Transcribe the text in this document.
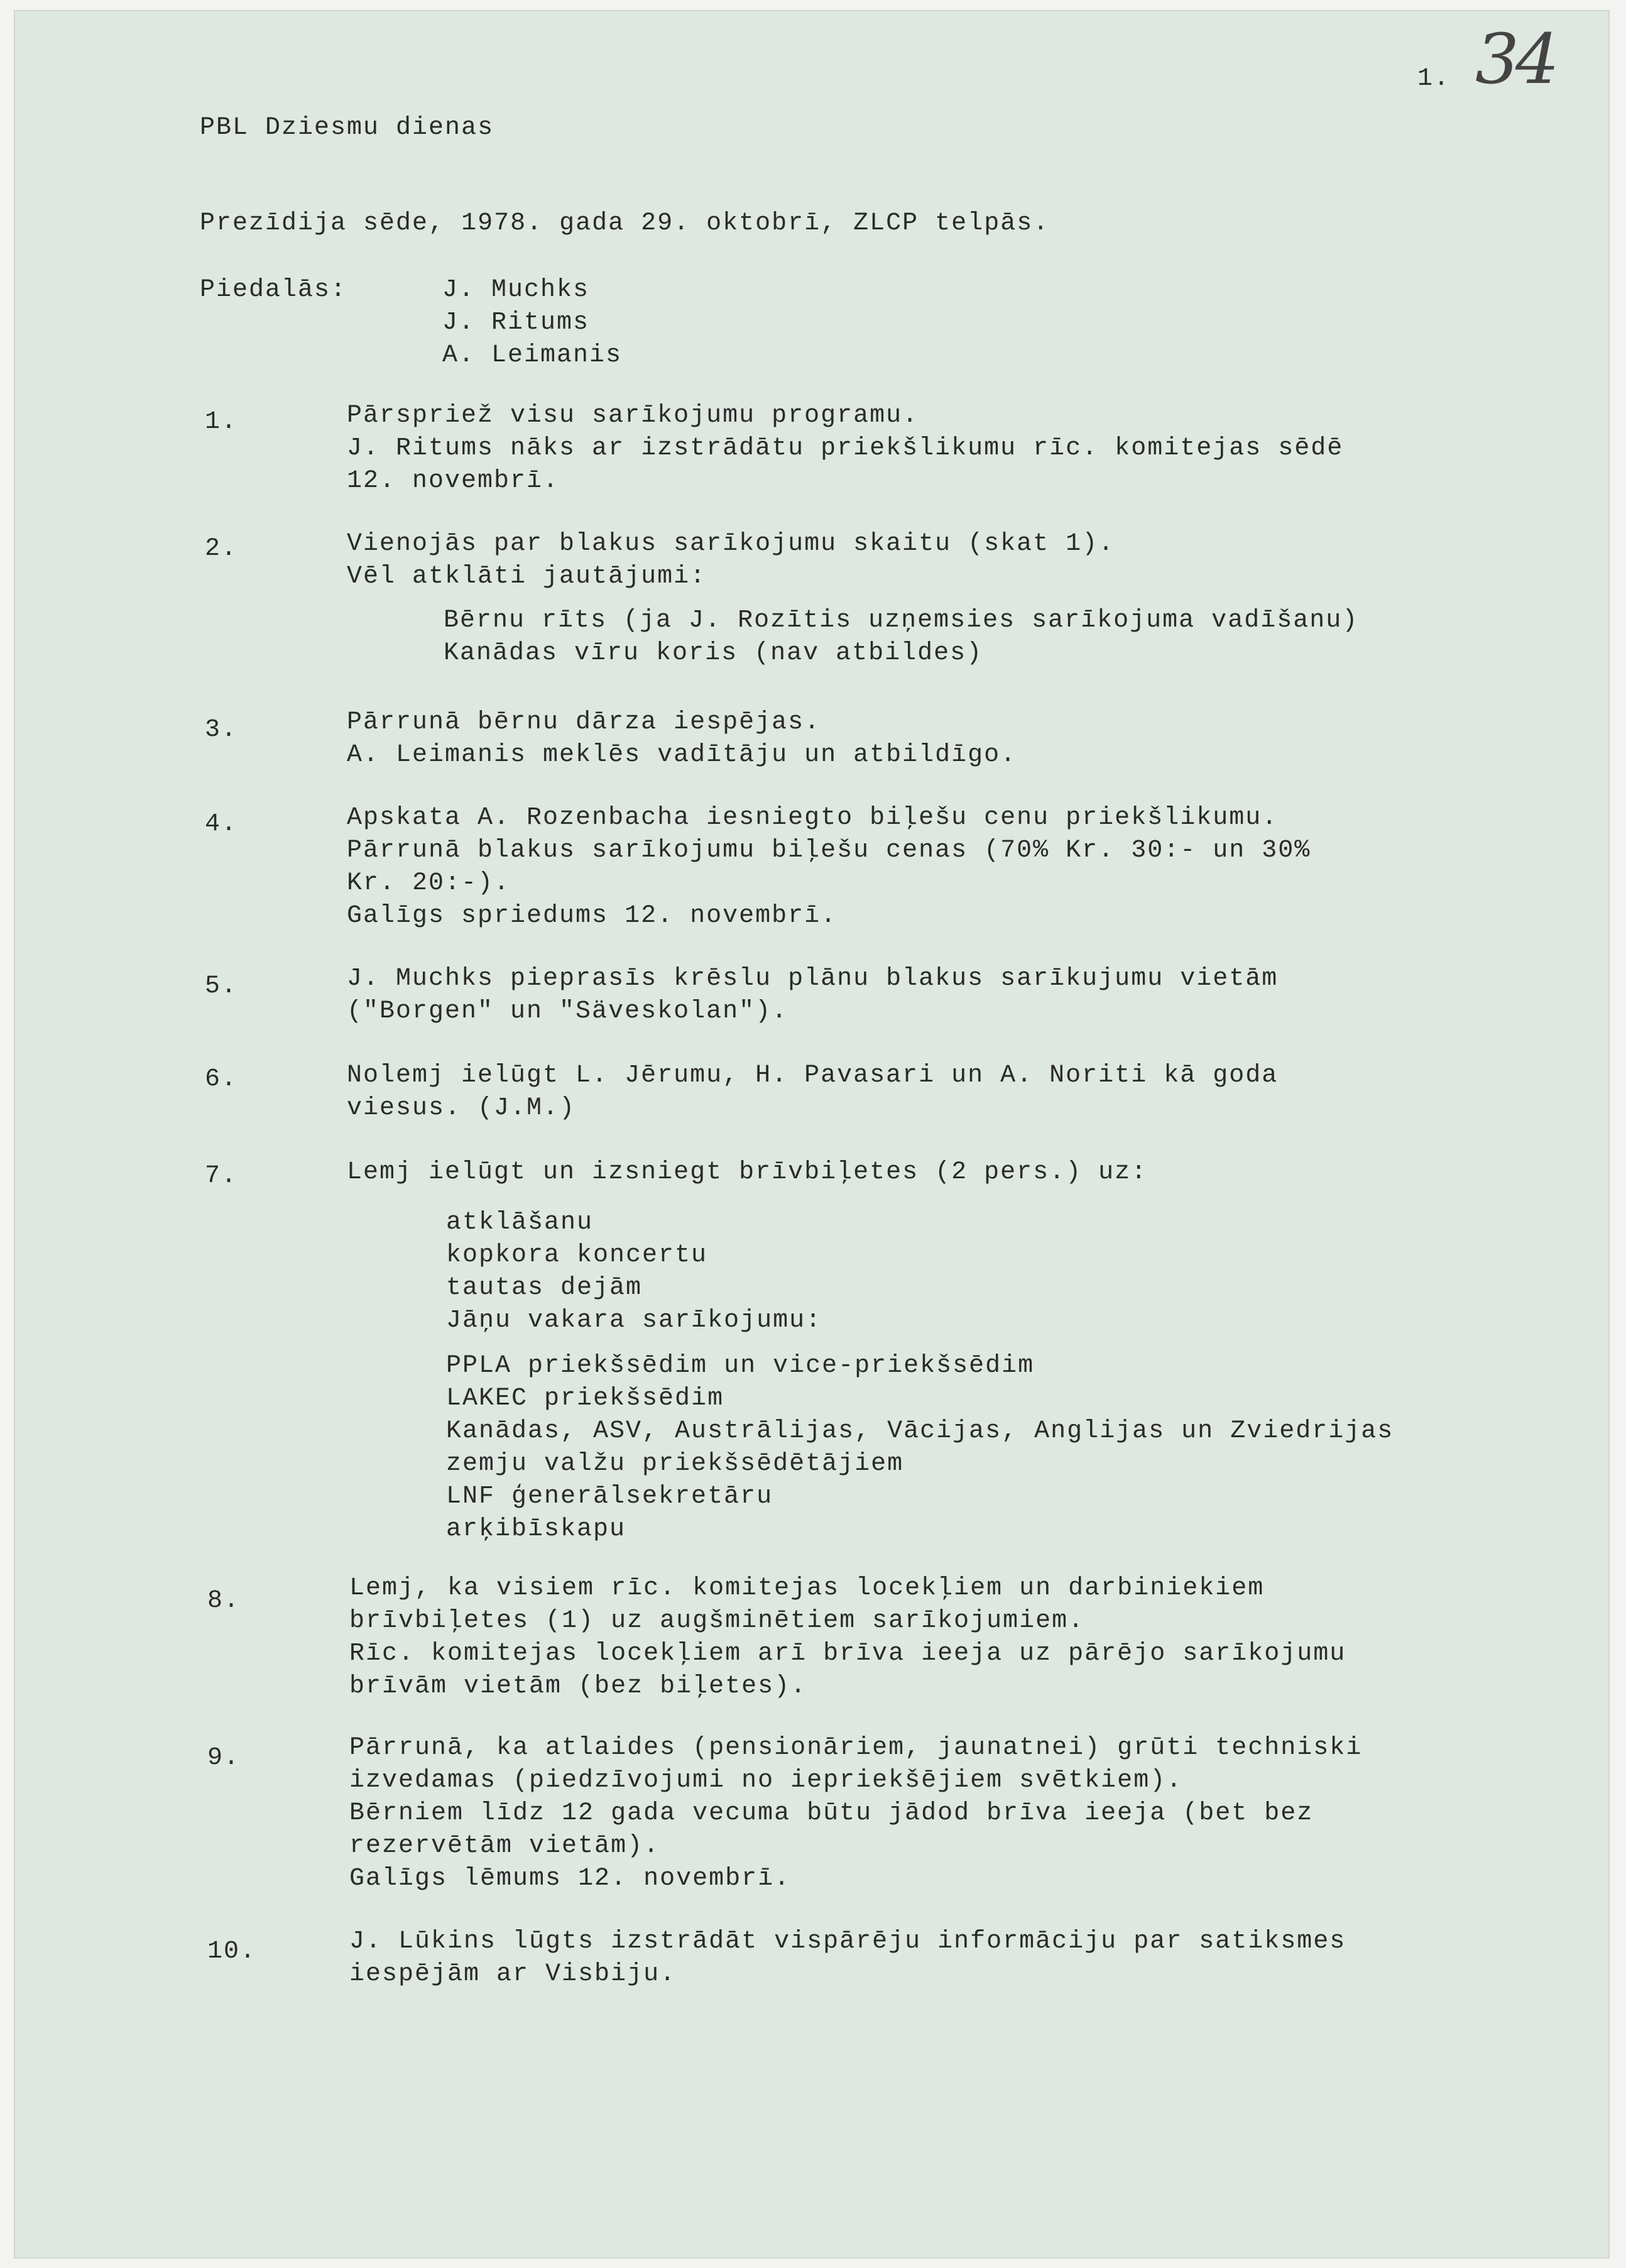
1. 34
PBL Dziesmu dienas
Prezīdija sēde, 1978. gada 29. oktobrī, ZLCP telpās.
Piedalās:	J. Muchks
J. Ritums
A. Leimanis
1.	Pārspriež visu sarīkojumu programu.
J. Ritums nāks ar izstrādātu priekšlikumu rīc. komitejas sēdē
12. novembrī.
2.	Vienojās par blakus sarīkojumu skaitu (skat 1).
Vēl atklāti jautājumi:
Bērnu rīts (ja J. Rozītis uzņemsies sarīkojuma vadīšanu)
Kanādas vīru koris (nav atbildes)
3.	Pārrunā bērnu dārza iespējas.
A. Leimanis meklēs vadītāju un atbildīgo.
4.	Apskata A. Rozenbacha iesniegto biļešu cenu priekšlikumu.
Pārrunā blakus sarīkojumu biļešu cenas (70% Kr. 30:- un 30%
Kr. 20:-).
Galīgs spriedums 12. novembrī.
5.	J. Muchks pieprasīs krēslu plānu blakus sarīkujumu vietām
("Borgen" un "Säveskolan").
6.	Nolemj ielūgt L. Jērumu, H. Pavasari un A. Noriti kā goda
viesus. (J.M.)
7.	Lemj ielūgt un izsniegt brīvbiļetes (2 pers.) uz:
atklāšanu
kopkora koncertu
tautas dejām
Jāņu vakara sarīkojumu:
PPLA priekšsēdim un vice-priekšsēdim
LAKEC priekšsēdim
Kanādas, ASV, Austrālijas, Vācijas, Anglijas un Zviedrijas
zemju valžu priekšsēdētājiem
LNF ģenerālsekretāru
arķibīskapu
8.	Lemj, ka visiem rīc. komitejas locekļiem un darbiniekiem
brīvbiļetes (1) uz augšminētiem sarīkojumiem.
Rīc. komitejas locekļiem arī brīva ieeja uz pārējo sarīkojumu
brīvām vietām (bez biļetes).
9.	Pārrunā, ka atlaides (pensionāriem, jaunatnei) grūti techniski
izvedamas (piedzīvojumi no iepriekšējiem svētkiem).
Bērniem līdz 12 gada vecuma būtu jādod brīva ieeja (bet bez
rezervētām vietām).
Galīgs lēmums 12. novembrī.
10.	J. Lūkins lūgts izstrādāt vispārēju informāciju par satiksmes
iespējām ar Visbiju.
